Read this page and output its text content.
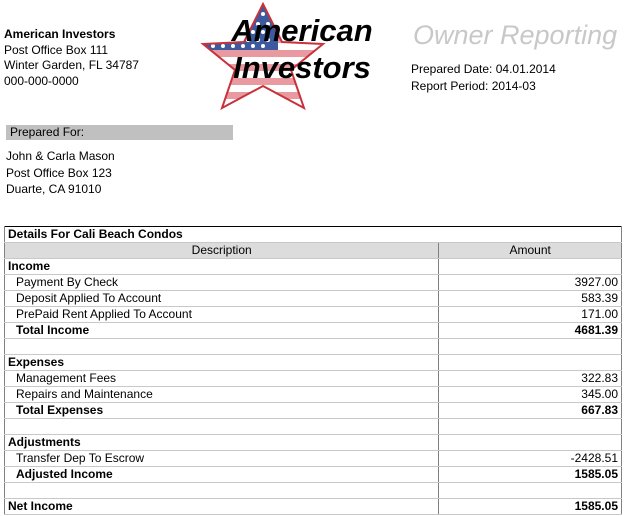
American Investors
Post Office Box 111
Winter Garden, FL 34787
000-000-0000
American
Investors
Owner Reporting
Prepared Date: 04.01.2014
Report Period: 2014-03
Prepared For:
John & Carla Mason
Post Office Box 123
Duarte, CA 91010
Details For Cali Beach Condos	
Description	Amount
Income	
Payment By Check	3927.00
Deposit Applied To Account	583.39
PrePaid Rent Applied To Account	171.00
Total Income	4681.39

Expenses	
Management Fees	322.83
Repairs and Maintenance	345.00
Total Expenses	667.83

Adjustments	
Transfer Dep To Escrow	-2428.51
Adjusted Income	1585.05

Net Income	1585.05
